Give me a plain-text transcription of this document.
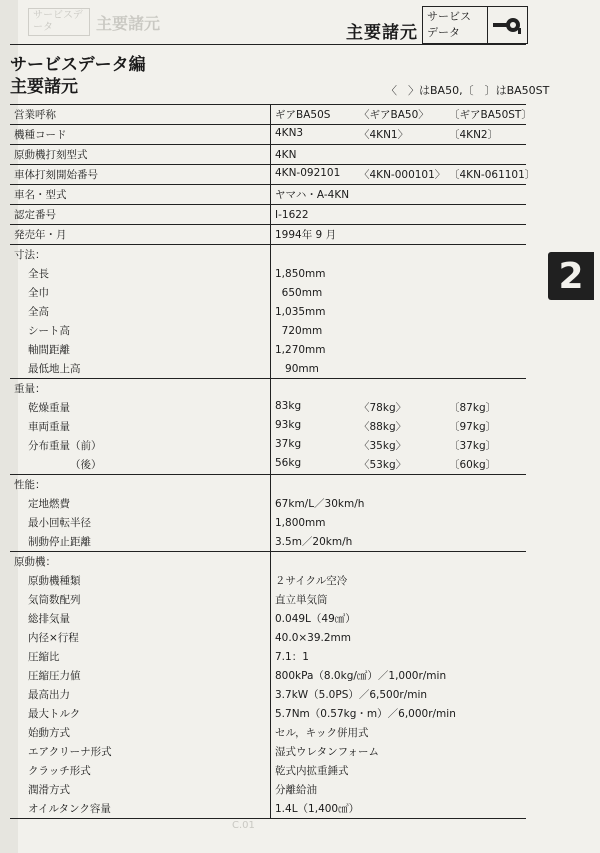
サービスデータ	主要諸元	主要諸元
サービス
データ
サービスデータ編
主要諸元	〈　〉はBA50,〔　〕はBA50ST
2
営業呼称	ギアBA50S 〈ギアBA50〉 〔ギアBA50ST〕

機種コード	4KN3 〈4KN1〉 〔4KN2〕

原動機打刻型式	4KN

車体打刻開始番号	4KN-092101 〈4KN-000101〉 〔4KN-061101〕

車名・型式	ヤマハ・A-4KN

認定番号	I-1622

発売年・月	1994年 9 月

寸法：	

全長	1,850mm

全巾	650mm

全高	1,035mm

シート高	720mm

軸間距離	1,270mm

最低地上高	90mm

重量：	

乾燥重量	83kg 〈78kg〉 〔87kg〕

車両重量	93kg 〈88kg〉 〔97kg〕

分布重量（前）	37kg 〈35kg〉 〔37kg〕

（後）	56kg 〈53kg〉 〔60kg〕

性能：	

定地燃費	67km/L／30km/h

最小回転半径	1,800mm

制動停止距離	3.5m／20km/h

原動機：	

原動機種類	２サイクル空冷

気筒数配列	直立単気筒

総排気量	0.049L（49㎤）

内径×行程	40.0×39.2mm

圧縮比	7.1：1

圧縮圧力値	800kPa（8.0kg/㎠）／1,000r/min

最高出力	3.7kW（5.0PS）／6,500r/min

最大トルク	5.7Nm（0.57kg・m）／6,000r/min

始動方式	セル，キック併用式

エアクリーナ形式	湿式ウレタンフォーム

クラッチ形式	乾式内拡重錘式

潤滑方式	分離給油

オイルタンク容量	1.4L（1,400㎤）
C.01
